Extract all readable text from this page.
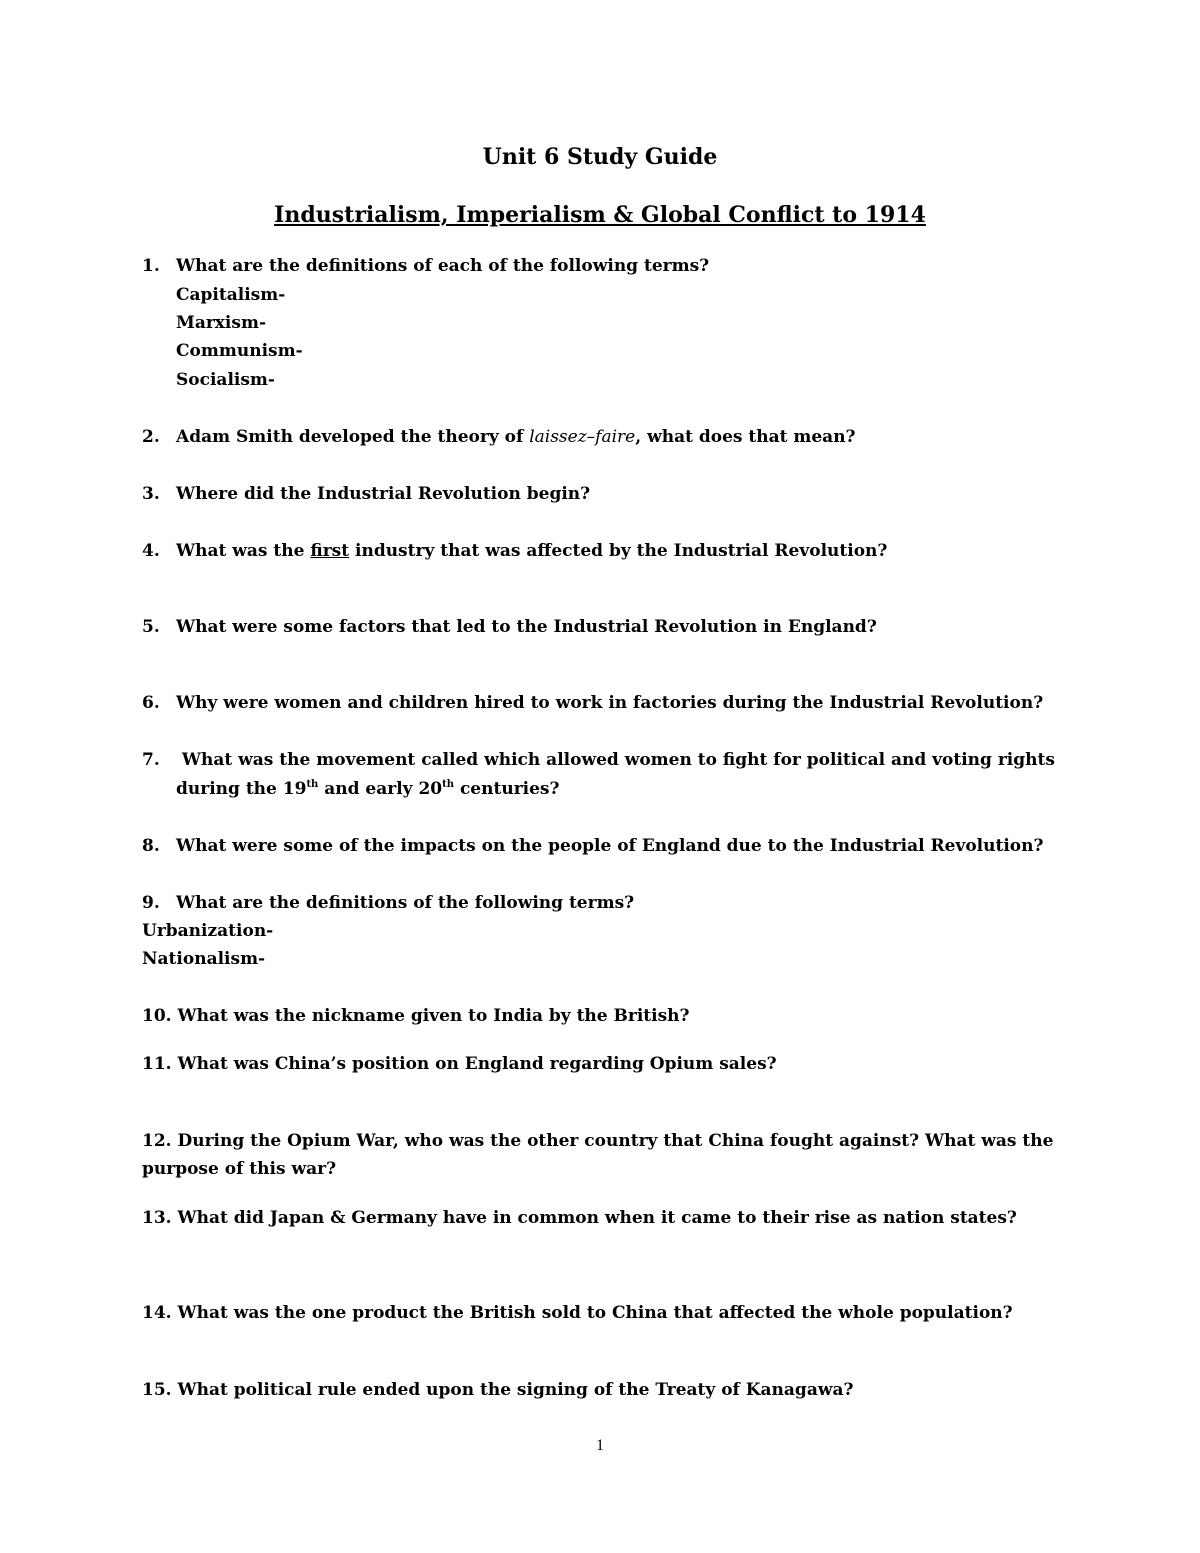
Unit 6 Study Guide
Industrialism, Imperialism & Global Conflict to 1914
1. What are the definitions of each of the following terms?
Capitalism-
Marxism-
Communism-
Socialism-
2. Adam Smith developed the theory of laissez–faire, what does that mean?
3. Where did the Industrial Revolution begin?
4. What was the first industry that was affected by the Industrial Revolution?
5. What were some factors that led to the Industrial Revolution in England?
6. Why were women and children hired to work in factories during the Industrial Revolution?
7. What was the movement called which allowed women to fight for political and voting rights
during the 19th and early 20th centuries?
8. What were some of the impacts on the people of England due to the Industrial Revolution?
9. What are the definitions of the following terms?
Urbanization-
Nationalism-
10. What was the nickname given to India by the British?
11. What was China’s position on England regarding Opium sales?
12. During the Opium War, who was the other country that China fought against? What was the
purpose of this war?
13. What did Japan & Germany have in common when it came to their rise as nation states?
14. What was the one product the British sold to China that affected the whole population?
15. What political rule ended upon the signing of the Treaty of Kanagawa?
1
